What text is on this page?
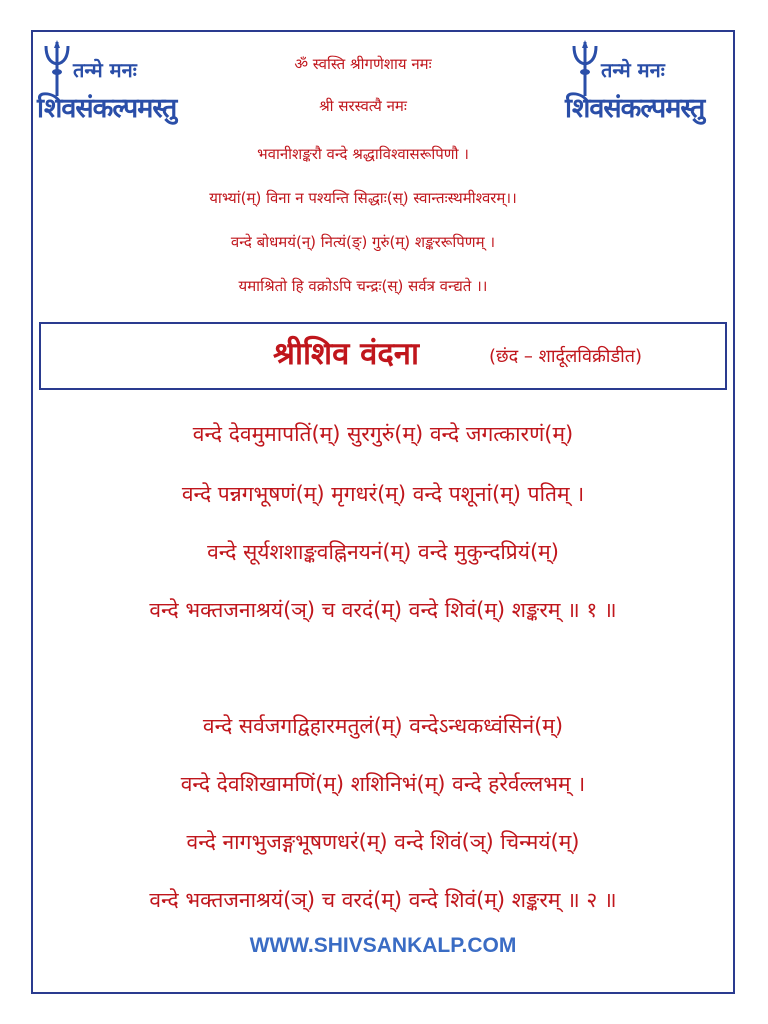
तन्मे मनः
शिवसंकल्पमस्तु
तन्मे मनः
शिवसंकल्पमस्तु
ॐ स्वस्ति श्रीगणेशाय नमः
श्री सरस्वत्यै नमः
भवानीशङ्करौ वन्दे श्रद्धाविश्वासरूपिणौ ।
याभ्यां(म्) विना न पश्यन्ति सिद्धाः(स्) स्वान्तःस्थमीश्वरम्।।
वन्दे बोधमयं(न्) नित्यं(ङ्) गुरुं(म्) शङ्कररूपिणम् ।
यमाश्रितो हि वक्रोऽपि चन्द्रः(स्) सर्वत्र वन्द्यते ।।
श्रीशिव वंदना	(छंद – शार्दूलविक्रीडीत)
वन्दे देवमुमापतिं(म्) सुरगुरुं(म्) वन्दे जगत्कारणं(म्)
वन्दे पन्नगभूषणं(म्) मृगधरं(म्) वन्दे पशूनां(म्) पतिम् ।
वन्दे सूर्यशशाङ्कवह्निनयनं(म्) वन्दे मुकुन्दप्रियं(म्)
वन्दे भक्तजनाश्रयं(ञ्) च वरदं(म्) वन्दे शिवं(म्) शङ्करम् ॥ १ ॥
वन्दे सर्वजगद्विहारमतुलं(म्) वन्देऽन्धकध्वंसिनं(म्)
वन्दे देवशिखामणिं(म्) शशिनिभं(म्) वन्दे हरेर्वल्लभम् ।
वन्दे नागभुजङ्गभूषणधरं(म्) वन्दे शिवं(ञ्) चिन्मयं(म्)
वन्दे भक्तजनाश्रयं(ञ्) च वरदं(म्) वन्दे शिवं(म्) शङ्करम् ॥ २ ॥
WWW.SHIVSANKALP.COM
